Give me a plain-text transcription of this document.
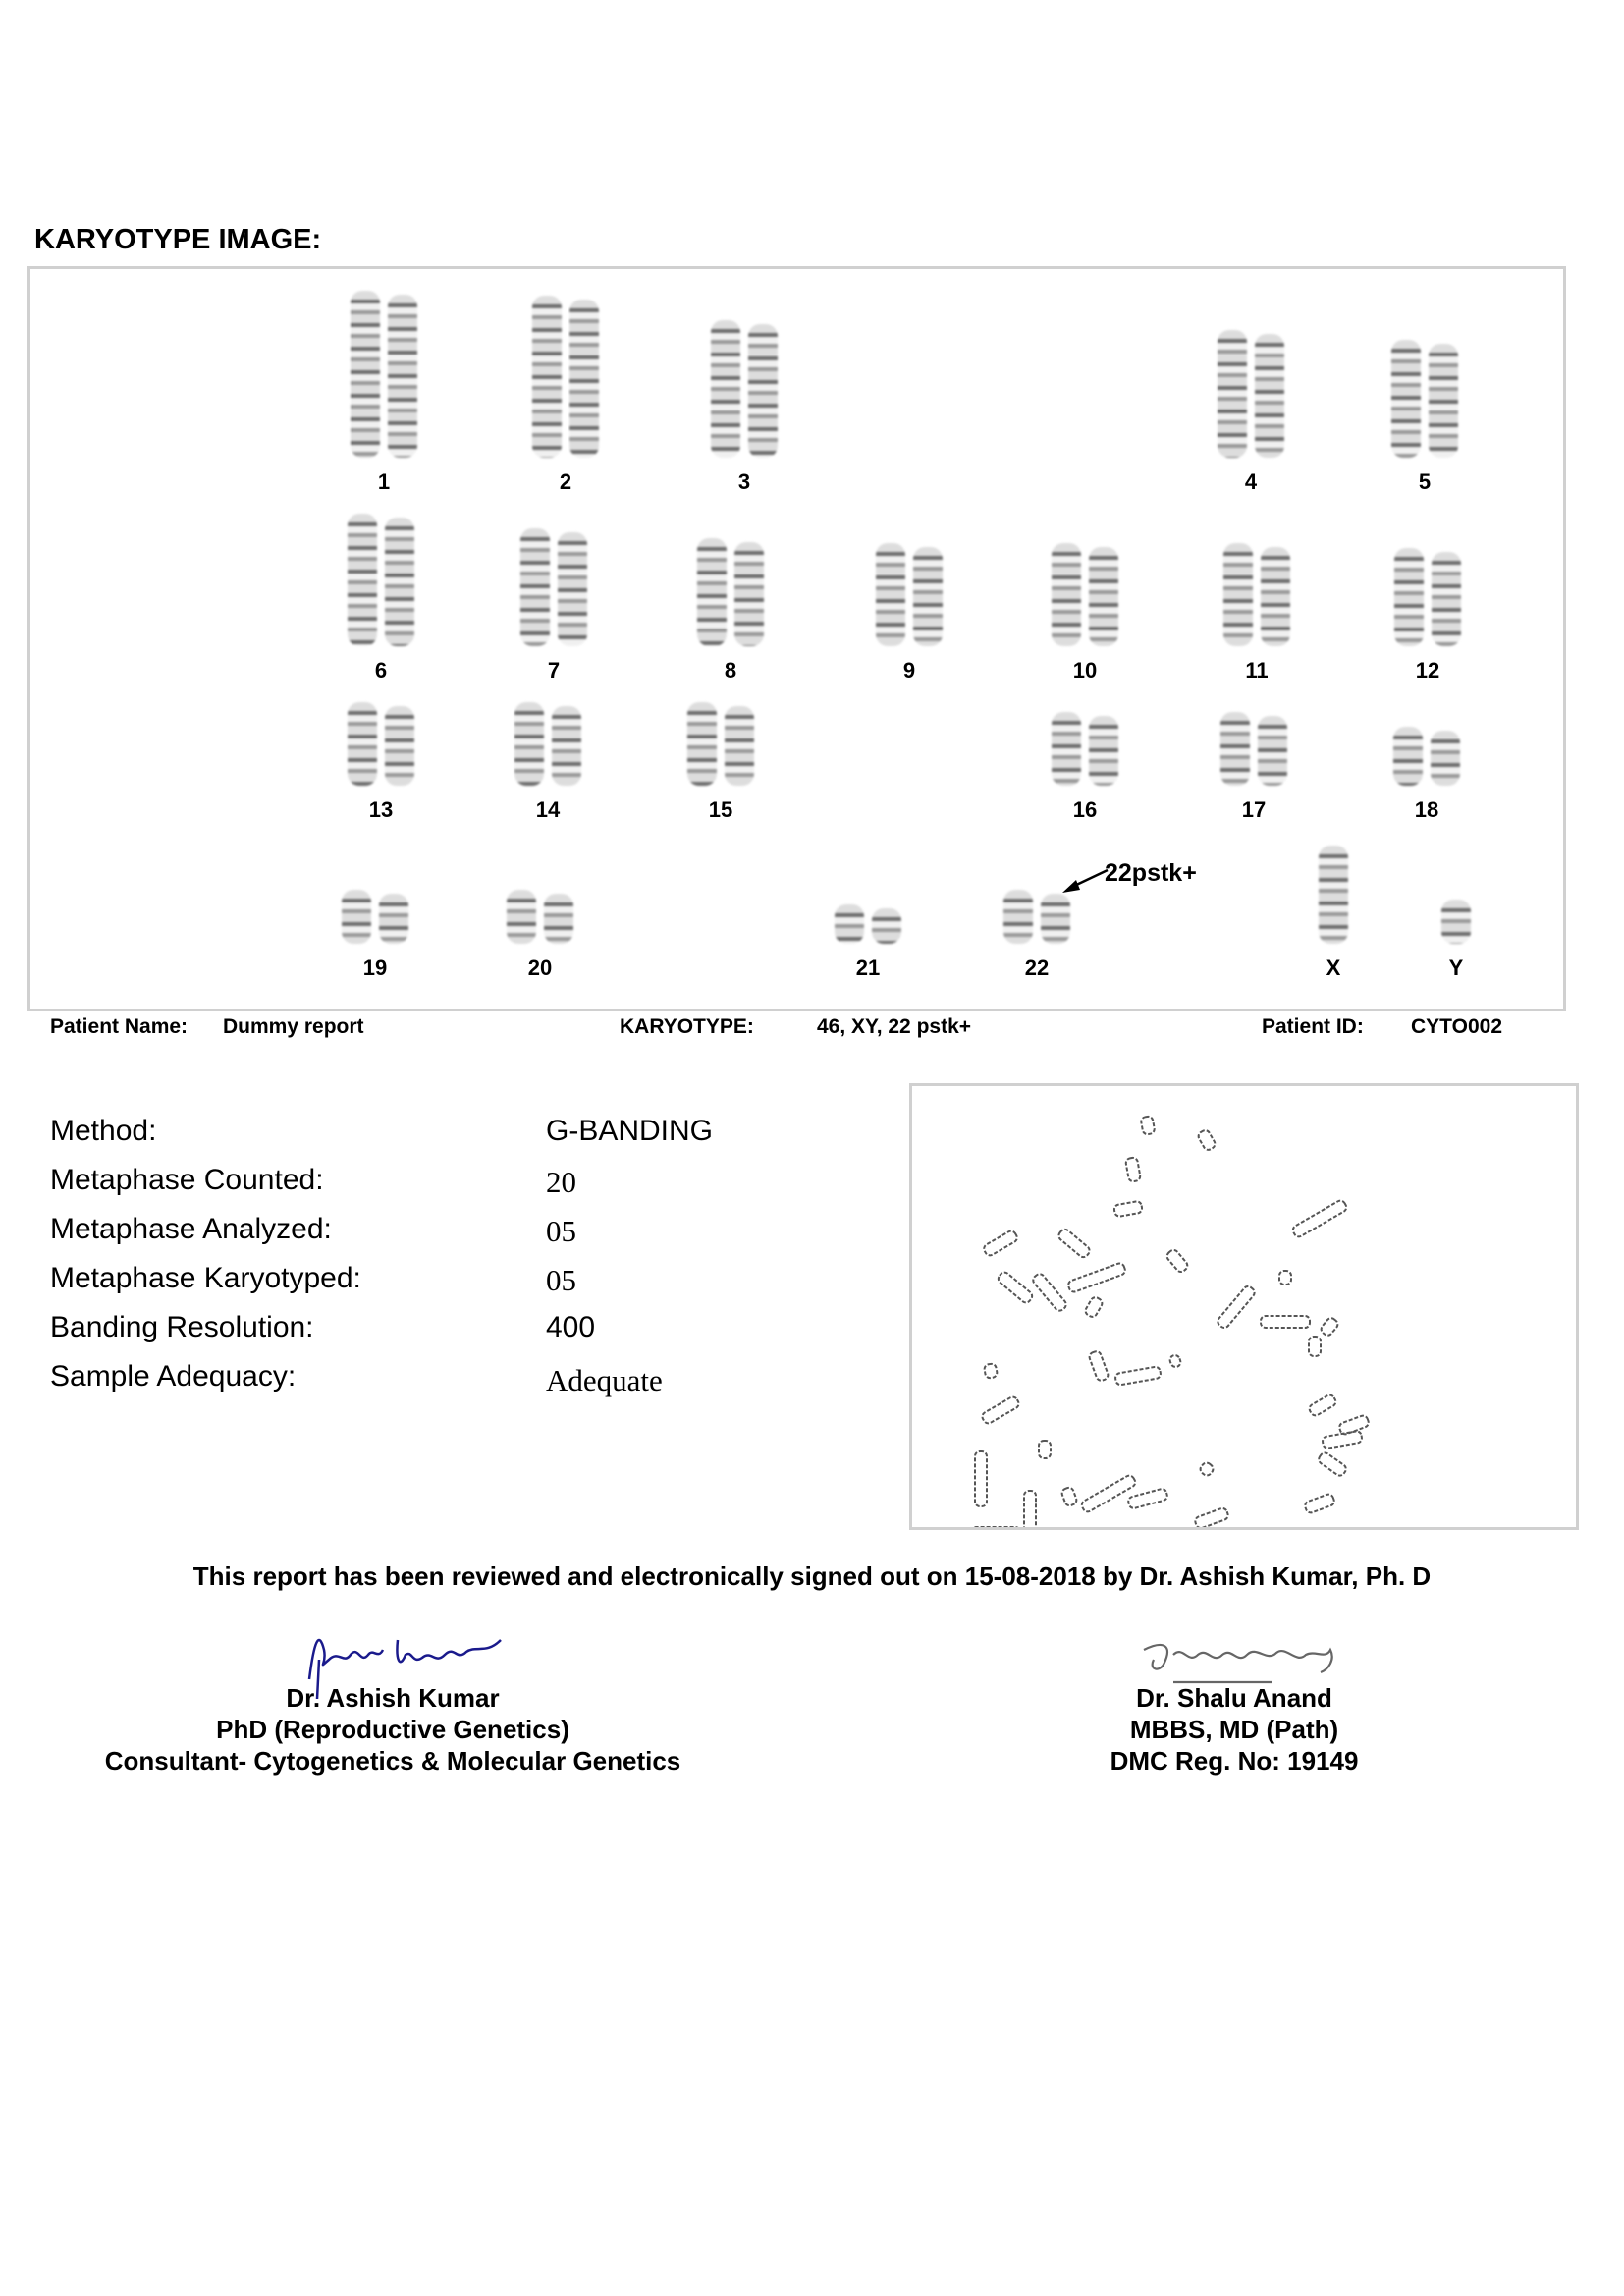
KARYOTYPE IMAGE:
1	2	3	4	5
6	7	8	9	10	11	12
13	14	15	16	17	18
19	20	21	22	X	Y
22pstk+
Patient Name: Dummy report	KARYOTYPE:	46, XY, 22 pstk+	Patient ID: CYTO002
Method:	G-BANDING
Metaphase Counted:	20
Metaphase Analyzed:	05
Metaphase Karyotyped:	05
Banding Resolution:	400
Sample Adequacy:	Adequate
This report has been reviewed and electronically signed out on 15-08-2018 by Dr. Ashish Kumar, Ph. D
Dr. Ashish Kumar
PhD (Reproductive Genetics)
Consultant- Cytogenetics & Molecular Genetics
Dr. Shalu Anand
MBBS, MD (Path)
DMC Reg. No: 19149
